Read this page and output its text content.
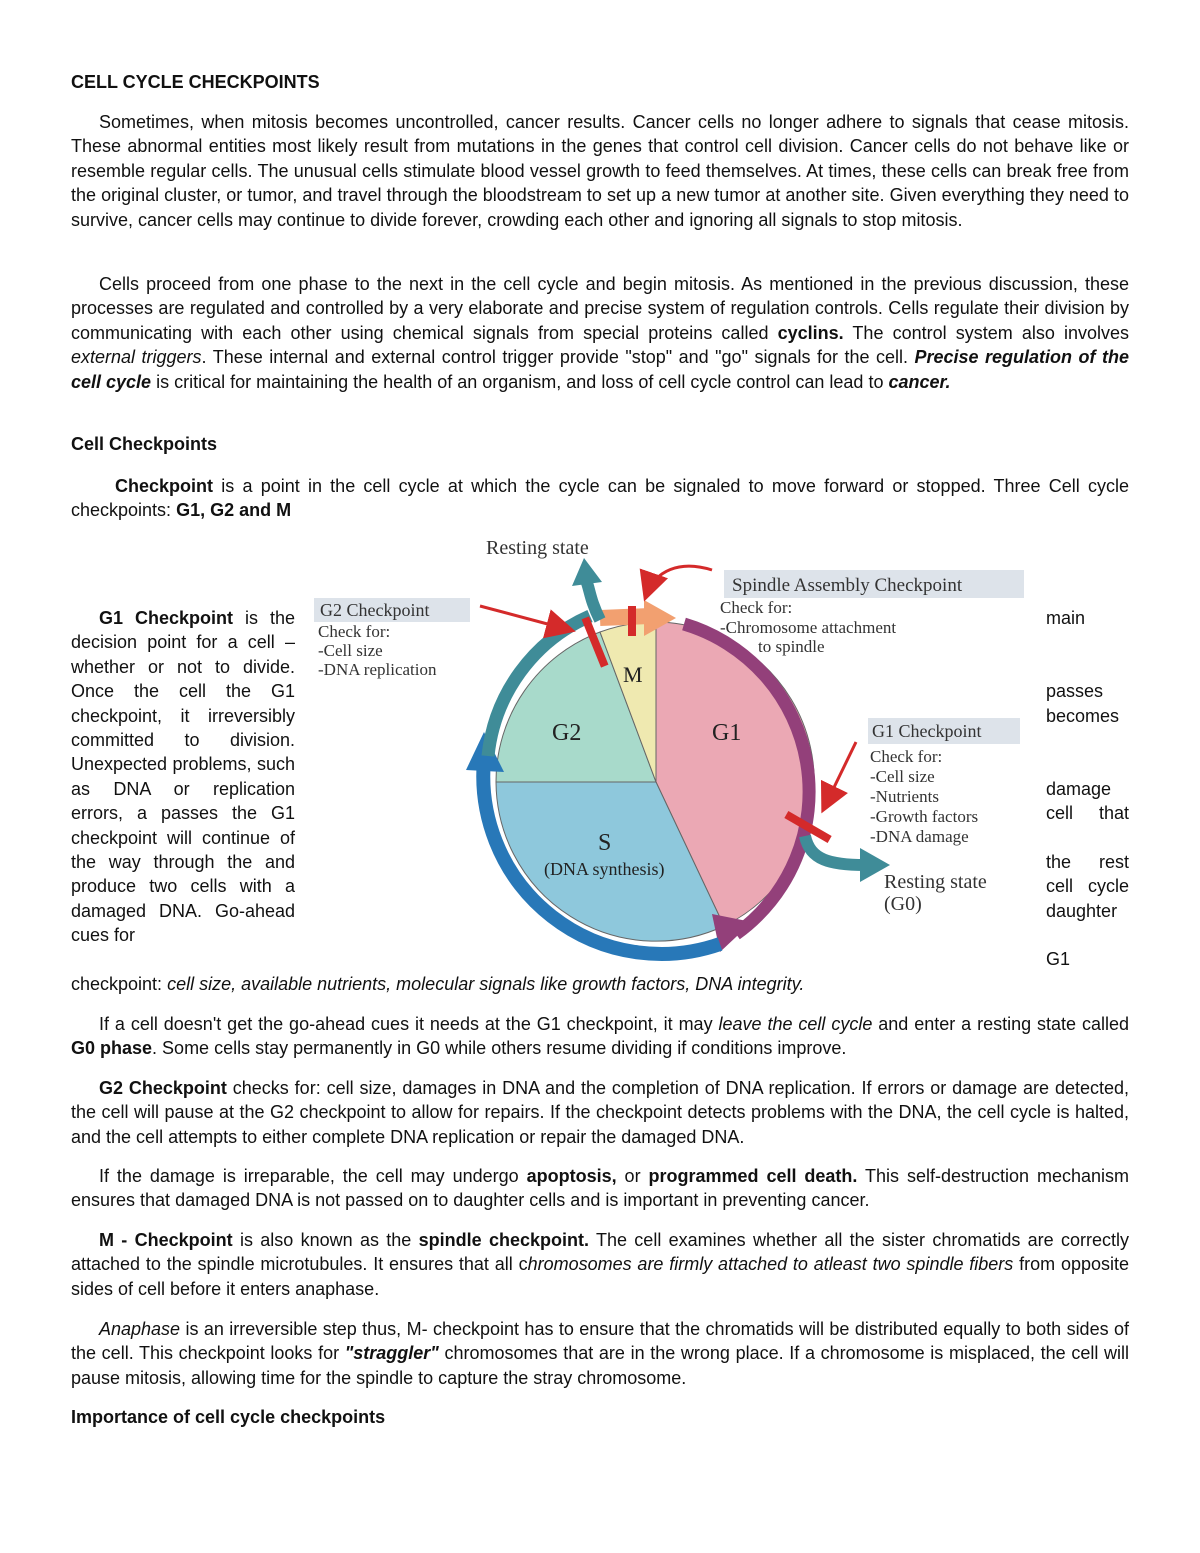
CELL CYCLE CHECKPOINTS

Sometimes, when mitosis becomes uncontrolled, cancer results. Cancer cells no longer adhere to signals that cease mitosis. These abnormal entities most likely result from mutations in the genes that control cell division. Cancer cells do not behave like or resemble regular cells. The unusual cells stimulate blood vessel growth to feed themselves. At times, these cells can break free from the original cluster, or tumor, and travel through the bloodstream to set up a new tumor at another site. Given everything they need to survive, cancer cells may continue to divide forever, crowding each other and ignoring all signals to stop mitosis.

Cells proceed from one phase to the next in the cell cycle and begin mitosis. As mentioned in the previous discussion, these processes are regulated and controlled by a very elaborate and precise system of regulation controls. Cells regulate their division by communicating with each other using chemical signals from special proteins called cyclins. The control system also involves external triggers. These internal and external control trigger provide "stop" and "go" signals for the cell. Precise regulation of the cell cycle is critical for maintaining the health of an organism, and loss of cell cycle control can lead to cancer.

Cell Checkpoints

Checkpoint is a point in the cell cycle at which the cycle can be signaled to move forward or stopped. Three Cell cycle checkpoints: G1, G2 and M

G1 Checkpoint is the decision point for a cell – whether or not to divide. Once the cell the G1 checkpoint, it irreversibly committed to division. Unexpected problems, such as DNA or replication errors, a passes the G1 checkpoint will continue of the way through the and produce two cells with a damaged DNA. Go-ahead cues for

main
passes
becomes
damage
cell that
the rest
cell cycle
daughter
G1

checkpoint: cell size, available nutrients, molecular signals like growth factors, DNA integrity.

Resting state
Spindle Assembly Checkpoint
Check for:
-Chromosome attachment
to spindle
G2 Checkpoint
Check for:
-Cell size
-DNA replication
G1 Checkpoint
Check for:
-Cell size
-Nutrients
-Growth factors
-DNA damage
Resting state
(G0)
M
G1
G2
S
(DNA synthesis)

If a cell doesn't get the go-ahead cues it needs at the G1 checkpoint, it may leave the cell cycle and enter a resting state called G0 phase. Some cells stay permanently in G0 while others resume dividing if conditions improve.

G2 Checkpoint checks for: cell size, damages in DNA and the completion of DNA replication. If errors or damage are detected, the cell will pause at the G2 checkpoint to allow for repairs. If the checkpoint detects problems with the DNA, the cell cycle is halted, and the cell attempts to either complete DNA replication or repair the damaged DNA.

If the damage is irreparable, the cell may undergo apoptosis, or programmed cell death. This self-destruction mechanism ensures that damaged DNA is not passed on to daughter cells and is important in preventing cancer.

M - Checkpoint is also known as the spindle checkpoint. The cell examines whether all the sister chromatids are correctly attached to the spindle microtubules. It ensures that all chromosomes are firmly attached to atleast two spindle fibers from opposite sides of cell before it enters anaphase.

Anaphase is an irreversible step thus, M- checkpoint has to ensure that the chromatids will be distributed equally to both sides of the cell. This checkpoint looks for "straggler" chromosomes that are in the wrong place. If a chromosome is misplaced, the cell will pause mitosis, allowing time for the spindle to capture the stray chromosome.

Importance of cell cycle checkpoints
